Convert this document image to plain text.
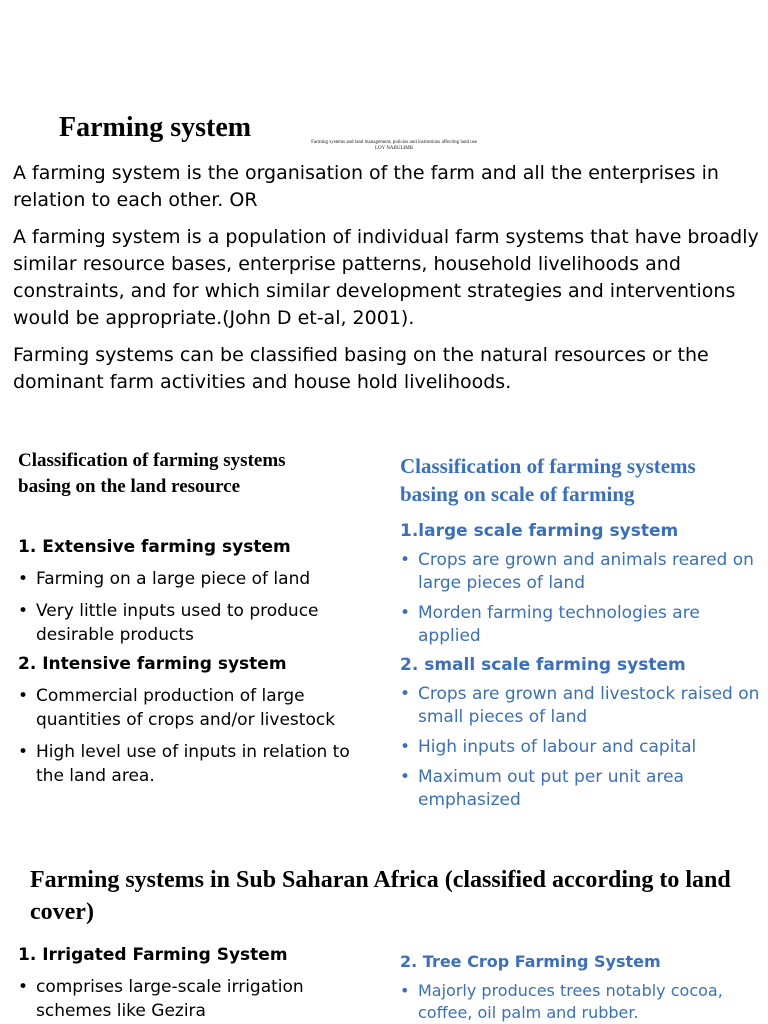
Farming system	Farming systems and land management, policies and institutions affecting land use
LOY NABULIMB

A farming system is the organisation of the farm and all the enterprises in relation to each other. OR

A farming system is a population of individual farm systems that have broadly similar resource bases, enterprise patterns, household livelihoods and constraints, and for which similar development strategies and interventions would be appropriate.(John D et-al, 2001).

Farming systems can be classified basing on the natural resources or the dominant farm activities and house hold livelihoods.

Classification of farming systems basing on the land resource
1. Extensive farming system
• Farming on a large piece of land
• Very little inputs used to produce desirable products
2. Intensive farming system
• Commercial production of large quantities of crops and/or livestock
• High level use of inputs in relation to the land area.
Classification of farming systems basing on scale of farming
1.large scale farming system
• Crops are grown and animals reared on large pieces of land
• Morden farming technologies are applied
2. small scale farming system
• Crops are grown and livestock raised on small pieces of land
• High inputs of labour and capital
• Maximum out put per unit area emphasized
Farming systems in Sub Saharan Africa (classified according to land cover)
1. Irrigated Farming System
• comprises large-scale irrigation schemes like Gezira
2. Tree Crop Farming System
• Majorly produces trees notably cocoa, coffee, oil palm and rubber.
